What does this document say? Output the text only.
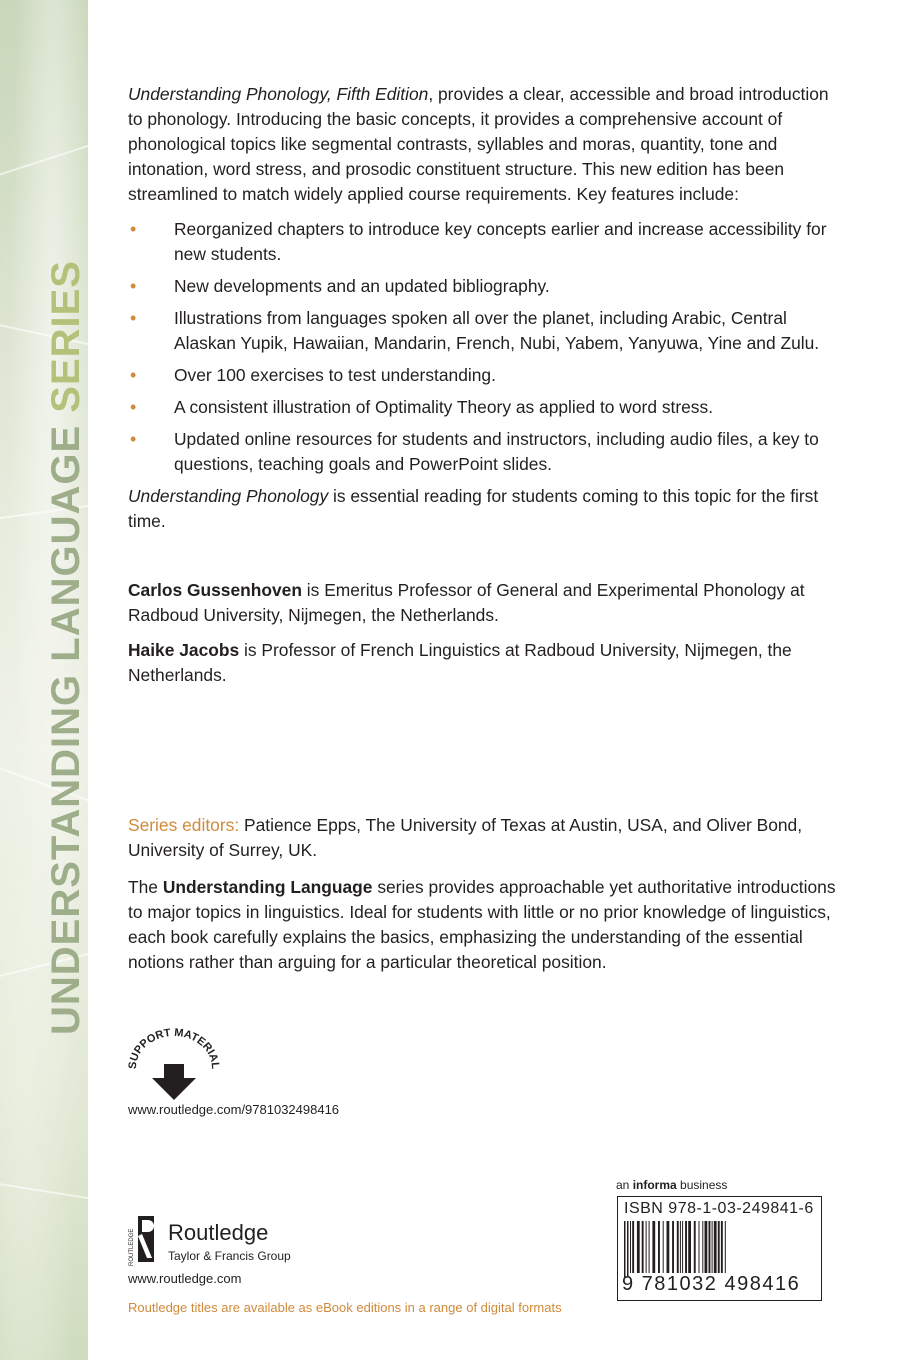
UNDERSTANDING LANGUAGE SERIES

Understanding Phonology, Fifth Edition, provides a clear, accessible and broad introduction to phonology. Introducing the basic concepts, it provides a comprehensive account of phonological topics like segmental contrasts, syllables and moras, quantity, tone and intonation, word stress, and prosodic constituent structure. This new edition has been streamlined to match widely applied course requirements. Key features include:

• Reorganized chapters to introduce key concepts earlier and increase accessibility for new students.
• New developments and an updated bibliography.
• Illustrations from languages spoken all over the planet, including Arabic, Central Alaskan Yupik, Hawaiian, Mandarin, French, Nubi, Yabem, Yanyuwa, Yine and Zulu.
• Over 100 exercises to test understanding.
• A consistent illustration of Optimality Theory as applied to word stress.
• Updated online resources for students and instructors, including audio files, a key to questions, teaching goals and PowerPoint slides.

Understanding Phonology is essential reading for students coming to this topic for the first time.

Carlos Gussenhoven is Emeritus Professor of General and Experimental Phonology at Radboud University, Nijmegen, the Netherlands.

Haike Jacobs is Professor of French Linguistics at Radboud University, Nijmegen, the Netherlands.

Series editors: Patience Epps, The University of Texas at Austin, USA, and Oliver Bond, University of Surrey, UK.

The Understanding Language series provides approachable yet authoritative introductions to major topics in linguistics. Ideal for students with little or no prior knowledge of linguistics, each book carefully explains the basics, emphasizing the understanding of the essential notions rather than arguing for a particular theoretical position.

SUPPORT MATERIAL
www.routledge.com/9781032498416
an informa business
ISBN 978-1-03-249841-6
9 781032 498416
ROUTLEDGE Routledge
Taylor & Francis Group
www.routledge.com
Routledge titles are available as eBook editions in a range of digital formats
